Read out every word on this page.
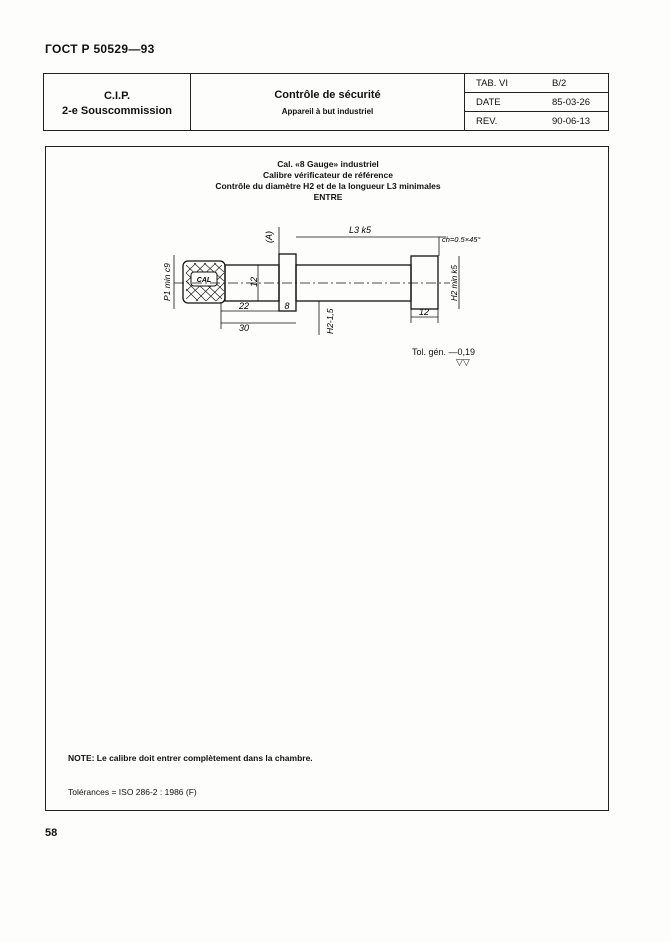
ГОСТ Р 50529—93
C.I.P.
2-e Souscommission
Contrôle de sécurité
Appareil à but industriel
TAB. VI	B/2
DATE	85-03-26
REV.	90-06-13
Cal. «8 Gauge» industriel
Calibre vérificateur de référence
Contrôle du diamètre H2 et de la longueur L3 minimales
ENTRE
CAL
L3 k5
ch=0.5×45°
(A)
P1 min c9	12
H2-1,5
H2 min k5
22	8
30
12
Tol. gén. —0,19
▽▽
NOTE: Le calibre doit entrer complètement dans la chambre.
Tolérances = ISO 286-2 : 1986 (F)
58
